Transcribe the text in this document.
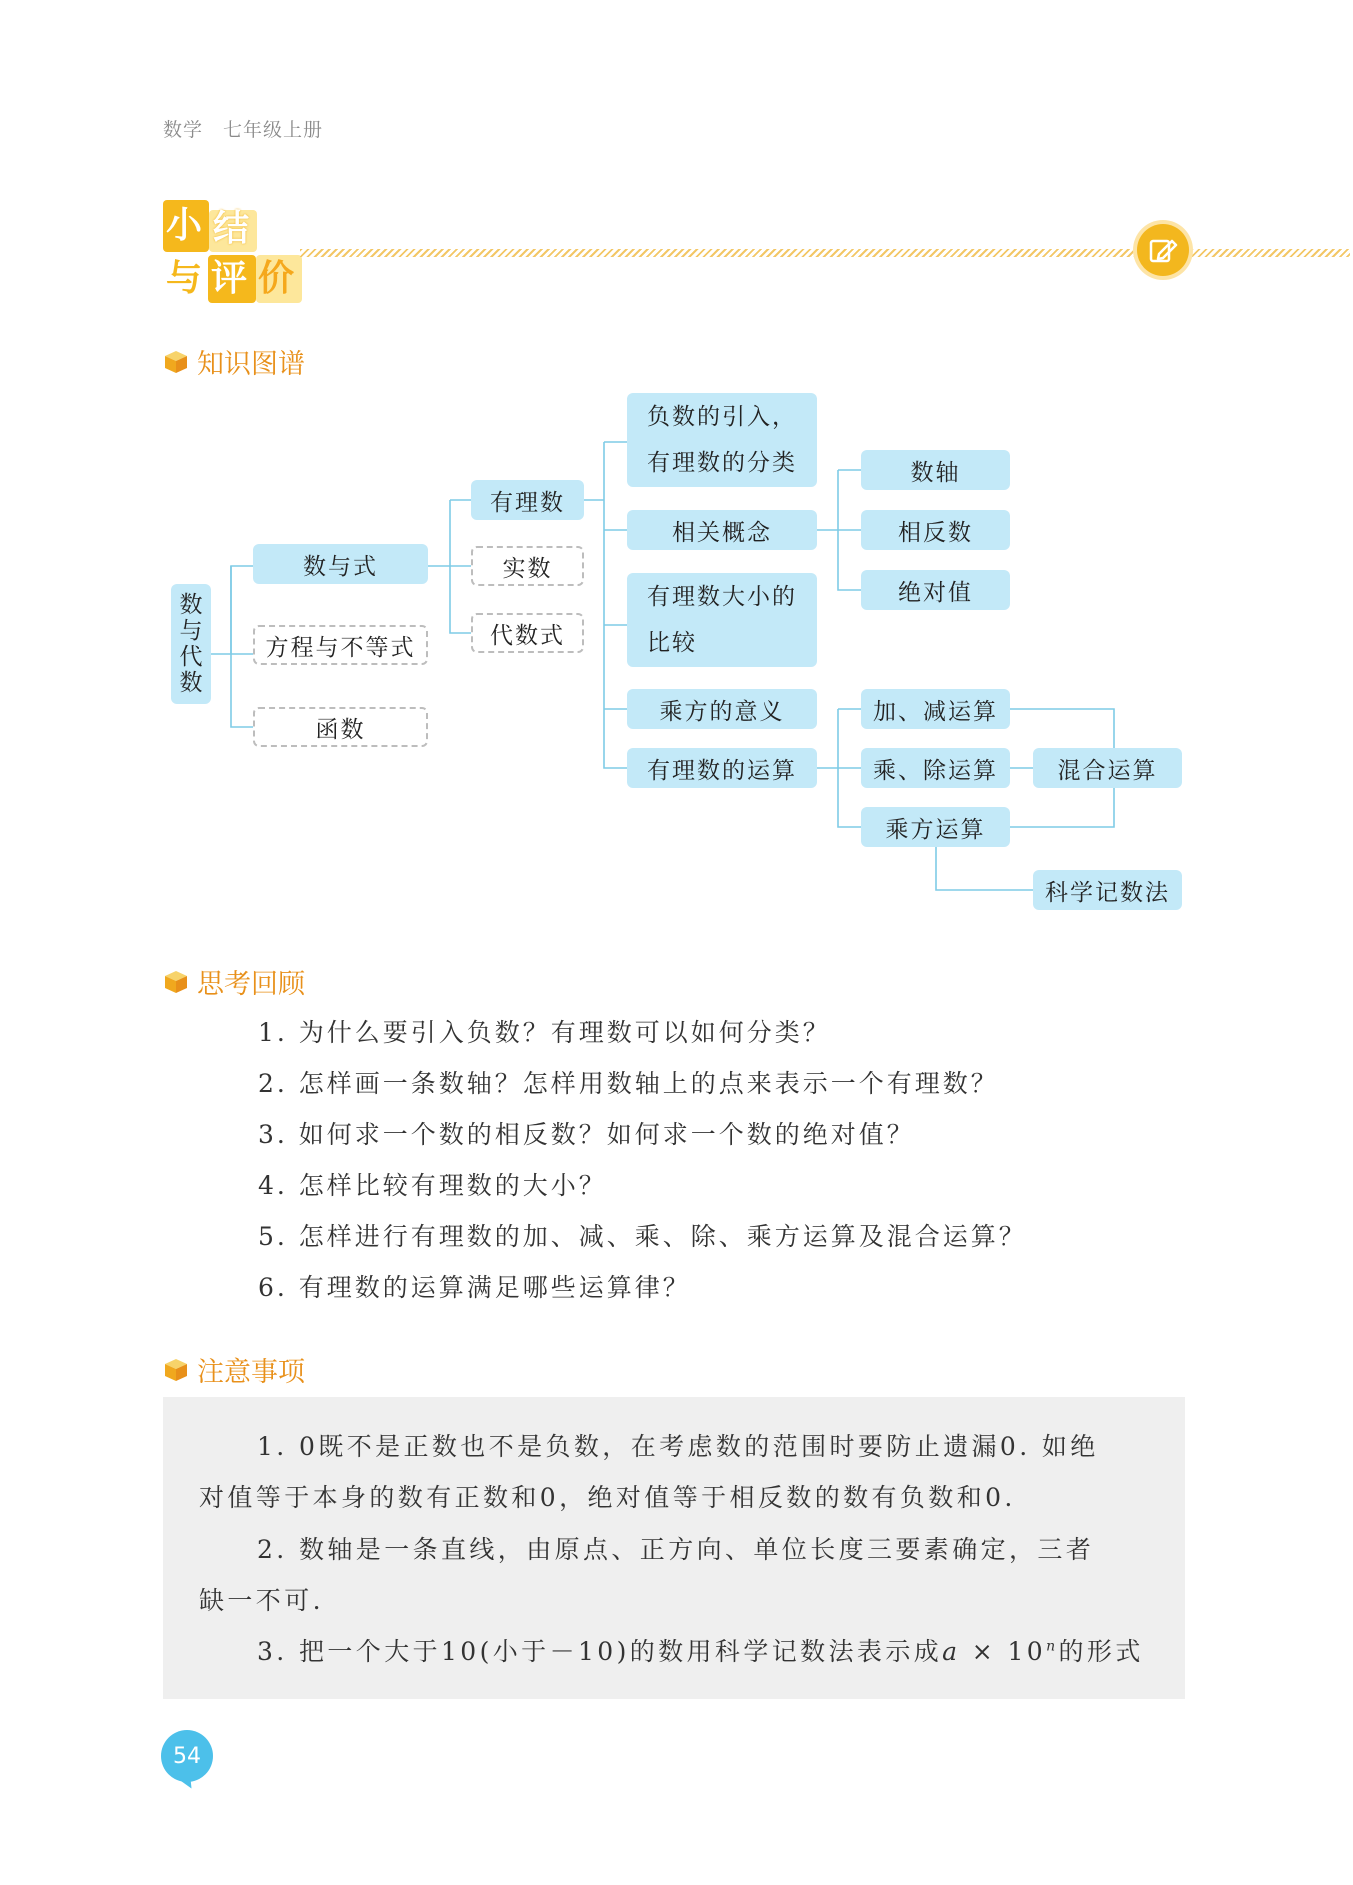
数学　七年级上册
小 结
与 评 价
知识图谱
数与代数
数与式
方程与不等式
函数
有理数
实数
代数式
负数的引入，
有理数的分类
相关概念
有理数大小的
比较
乘方的意义
有理数的运算
数轴
相反数
绝对值
加、减运算
乘、除运算
乘方运算
混合运算
科学记数法
思考回顾
1. 为什么要引入负数？有理数可以如何分类？
2. 怎样画一条数轴？怎样用数轴上的点来表示一个有理数？
3. 如何求一个数的相反数？如何求一个数的绝对值？
4. 怎样比较有理数的大小？
5. 怎样进行有理数的加、减、乘、除、乘方运算及混合运算？
6. 有理数的运算满足哪些运算律？
注意事项
1. 0既不是正数也不是负数，在考虑数的范围时要防止遗漏0. 如绝
对值等于本身的数有正数和0，绝对值等于相反数的数有负数和0.
2. 数轴是一条直线，由原点、正方向、单位长度三要素确定，三者
缺一不可.
3. 把一个大于10(小于－10)的数用科学记数法表示成$a \times 10^n$的形式
54
